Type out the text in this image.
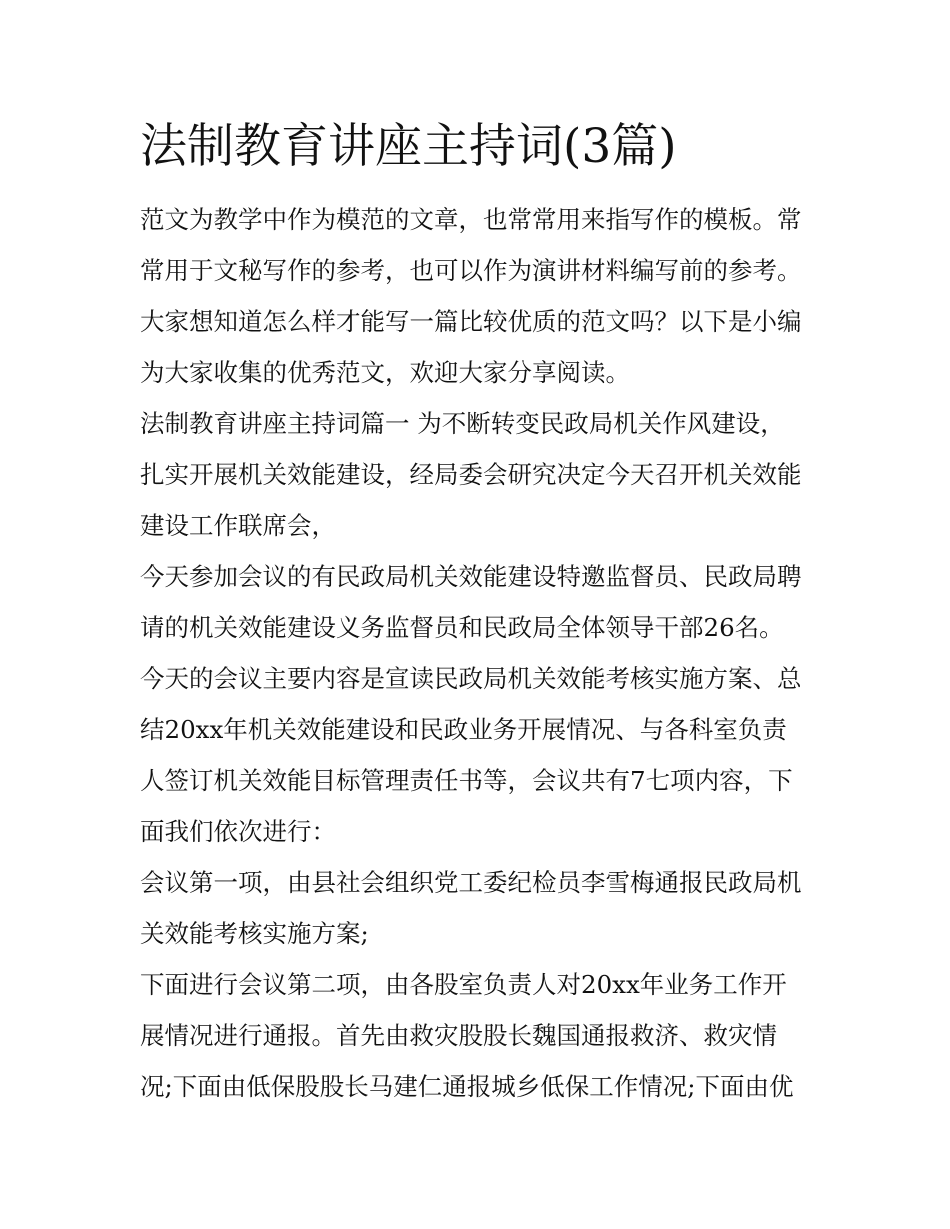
法制教育讲座主持词(3篇)

范文为教学中作为模范的文章，也常常用来指写作的模板。常

常用于文秘写作的参考，也可以作为演讲材料编写前的参考。

大家想知道怎么样才能写一篇比较优质的范文吗？以下是小编

为大家收集的优秀范文，欢迎大家分享阅读。

法制教育讲座主持词篇一 为不断转变民政局机关作风建设，

扎实开展机关效能建设，经局委会研究决定今天召开机关效能

建设工作联席会，

今天参加会议的有民政局机关效能建设特邀监督员、民政局聘

请的机关效能建设义务监督员和民政局全体领导干部26名。

今天的会议主要内容是宣读民政局机关效能考核实施方案、总

结20xx年机关效能建设和民政业务开展情况、与各科室负责

人签订机关效能目标管理责任书等，会议共有7七项内容，下

面我们依次进行：

会议第一项，由县社会组织党工委纪检员李雪梅通报民政局机

关效能考核实施方案;

下面进行会议第二项，由各股室负责人对20xx年业务工作开

展情况进行通报。首先由救灾股股长魏国通报救济、救灾情

况;下面由低保股股长马建仁通报城乡低保工作情况;下面由优
